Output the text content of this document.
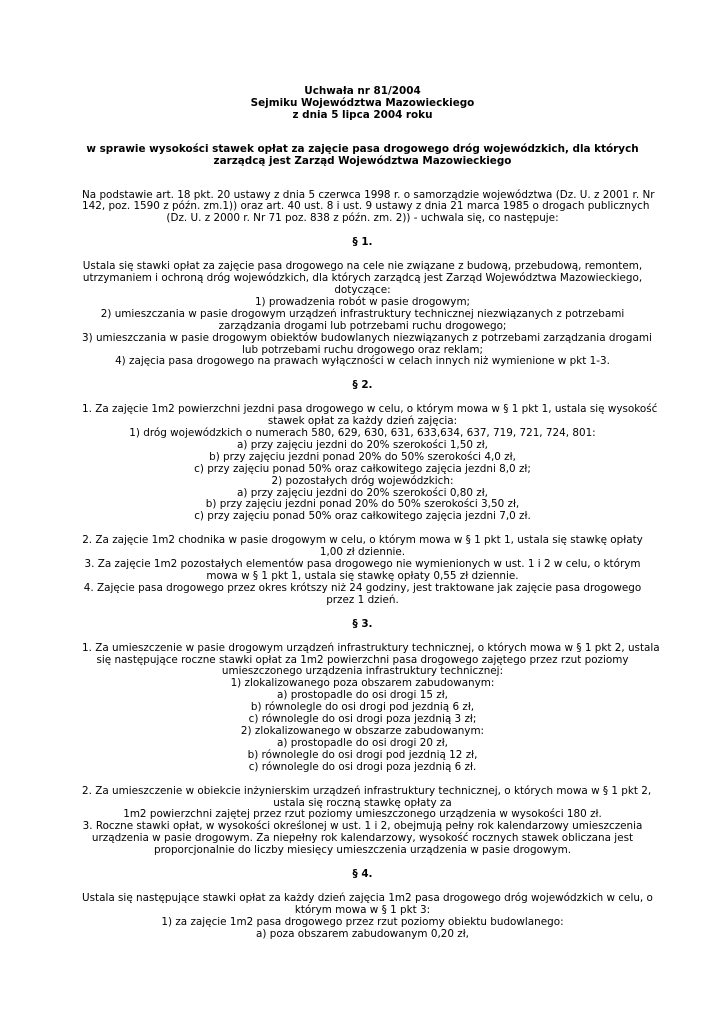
Uchwała nr 81/2004
Sejmiku Województwa Mazowieckiego
z dnia 5 lipca 2004 roku
w sprawie wysokości stawek opłat za zajęcie pasa drogowego dróg wojewódzkich, dla których
zarządcą jest Zarząd Województwa Mazowieckiego
Na podstawie art. 18 pkt. 20 ustawy z dnia 5 czerwca 1998 r. o samorządzie województwa (Dz. U. z 2001 r. Nr
142, poz. 1590 z późn. zm.1)) oraz art. 40 ust. 8 i ust. 9 ustawy z dnia 21 marca 1985 o drogach publicznych
(Dz. U. z 2000 r. Nr 71 poz. 838 z późn. zm. 2)) - uchwala się, co następuje:
§ 1.
Ustala się stawki opłat za zajęcie pasa drogowego na cele nie związane z budową, przebudową, remontem,
utrzymaniem i ochroną dróg wojewódzkich, dla których zarządcą jest Zarząd Województwa Mazowieckiego,
dotyczące:
1) prowadzenia robót w pasie drogowym;
2) umieszczania w pasie drogowym urządzeń infrastruktury technicznej niezwiązanych z potrzebami
zarządzania drogami lub potrzebami ruchu drogowego;
3) umieszczania w pasie drogowym obiektów budowlanych niezwiązanych z potrzebami zarządzania drogami
lub potrzebami ruchu drogowego oraz reklam;
4) zajęcia pasa drogowego na prawach wyłączności w celach innych niż wymienione w pkt 1-3.
§ 2.
1. Za zajęcie 1m2 powierzchni jezdni pasa drogowego w celu, o którym mowa w § 1 pkt 1, ustala się wysokość
stawek opłat za każdy dzień zajęcia:
1) dróg wojewódzkich o numerach 580, 629, 630, 631, 633,634, 637, 719, 721, 724, 801:
a) przy zajęciu jezdni do 20% szerokości 1,50 zł,
b) przy zajęciu jezdni ponad 20% do 50% szerokości 4,0 zł,
c) przy zajęciu ponad 50% oraz całkowitego zajęcia jezdni 8,0 zł;
2) pozostałych dróg wojewódzkich:
a) przy zajęciu jezdni do 20% szerokości 0,80 zł,
b) przy zajęciu jezdni ponad 20% do 50% szerokości 3,50 zł,
c) przy zajęciu ponad 50% oraz całkowitego zajęcia jezdni 7,0 zł.
2. Za zajęcie 1m2 chodnika w pasie drogowym w celu, o którym mowa w § 1 pkt 1, ustala się stawkę opłaty
1,00 zł dziennie.
3. Za zajęcie 1m2 pozostałych elementów pasa drogowego nie wymienionych w ust. 1 i 2 w celu, o którym
mowa w § 1 pkt 1, ustala się stawkę opłaty 0,55 zł dziennie.
4. Zajęcie pasa drogowego przez okres krótszy niż 24 godziny, jest traktowane jak zajęcie pasa drogowego
przez 1 dzień.
§ 3.
1. Za umieszczenie w pasie drogowym urządzeń infrastruktury technicznej, o których mowa w § 1 pkt 2, ustala
się następujące roczne stawki opłat za 1m2 powierzchni pasa drogowego zajętego przez rzut poziomy
umieszczonego urządzenia infrastruktury technicznej:
1) zlokalizowanego poza obszarem zabudowanym:
a) prostopadle do osi drogi 15 zł,
b) równolegle do osi drogi pod jezdnią 6 zł,
c) równolegle do osi drogi poza jezdnią 3 zł;
2) zlokalizowanego w obszarze zabudowanym:
a) prostopadle do osi drogi 20 zł,
b) równolegle do osi drogi pod jezdnią 12 zł,
c) równolegle do osi drogi poza jezdnią 6 zł.
2. Za umieszczenie w obiekcie inżynierskim urządzeń infrastruktury technicznej, o których mowa w § 1 pkt 2,
ustala się roczną stawkę opłaty za
1m2 powierzchni zajętej przez rzut poziomy umieszczonego urządzenia w wysokości 180 zł.
3. Roczne stawki opłat, w wysokości określonej w ust. 1 i 2, obejmują pełny rok kalendarzowy umieszczenia
urządzenia w pasie drogowym. Za niepełny rok kalendarzowy, wysokość rocznych stawek obliczana jest
proporcjonalnie do liczby miesięcy umieszczenia urządzenia w pasie drogowym.
§ 4.
Ustala się następujące stawki opłat za każdy dzień zajęcia 1m2 pasa drogowego dróg wojewódzkich w celu, o
którym mowa w § 1 pkt 3:
1) za zajęcie 1m2 pasa drogowego przez rzut poziomy obiektu budowlanego:
a) poza obszarem zabudowanym 0,20 zł,
